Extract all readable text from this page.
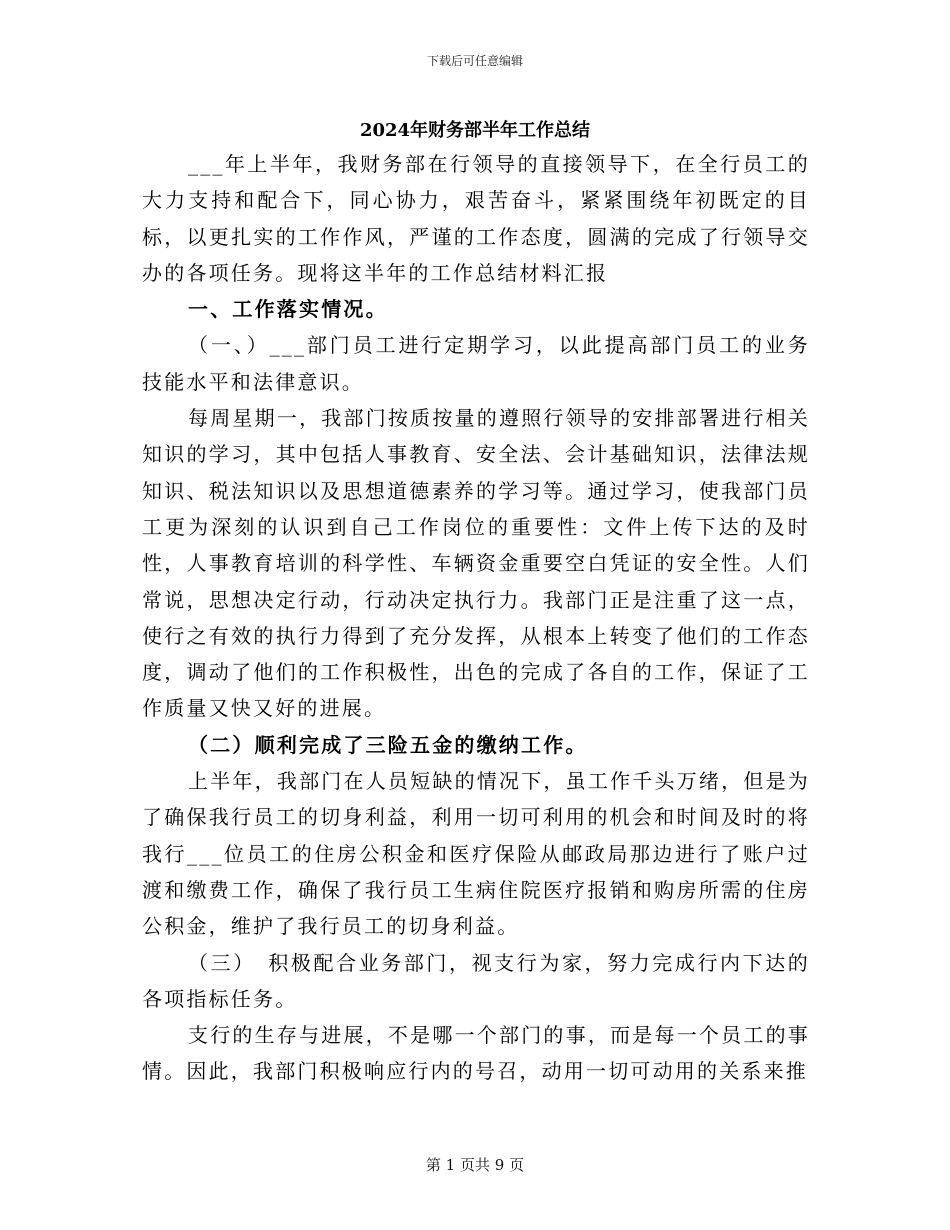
下载后可任意编辑
2024年财务部半年工作总结

___年上半年，我财务部在行领导的直接领导下，在全行员工的大力支持和配合下，同心协力，艰苦奋斗，紧紧围绕年初既定的目标，以更扎实的工作作风，严谨的工作态度，圆满的完成了行领导交办的各项任务。现将这半年的工作总结材料汇报

一、工作落实情况。

（一、）___部门员工进行定期学习，以此提高部门员工的业务技能水平和法律意识。

每周星期一，我部门按质按量的遵照行领导的安排部署进行相关知识的学习，其中包括人事教育、安全法、会计基础知识，法律法规知识、税法知识以及思想道德素养的学习等。通过学习，使我部门员工更为深刻的认识到自己工作岗位的重要性：文件上传下达的及时性，人事教育培训的科学性、车辆资金重要空白凭证的安全性。人们常说，思想决定行动，行动决定执行力。我部门正是注重了这一点，使行之有效的执行力得到了充分发挥，从根本上转变了他们的工作态度，调动了他们的工作积极性，出色的完成了各自的工作，保证了工作质量又快又好的进展。

（二）顺利完成了三险五金的缴纳工作。

上半年，我部门在人员短缺的情况下，虽工作千头万绪，但是为了确保我行员工的切身利益，利用一切可利用的机会和时间及时的将我行___位员工的住房公积金和医疗保险从邮政局那边进行了账户过渡和缴费工作，确保了我行员工生病住院医疗报销和购房所需的住房公积金，维护了我行员工的切身利益。

（三）　积极配合业务部门，视支行为家，努力完成行内下达的各项指标任务。

支行的生存与进展，不是哪一个部门的事，而是每一个员工的事情。因此，我部门积极响应行内的号召，动用一切可动用的关系来推

第 1 页共 9 页
